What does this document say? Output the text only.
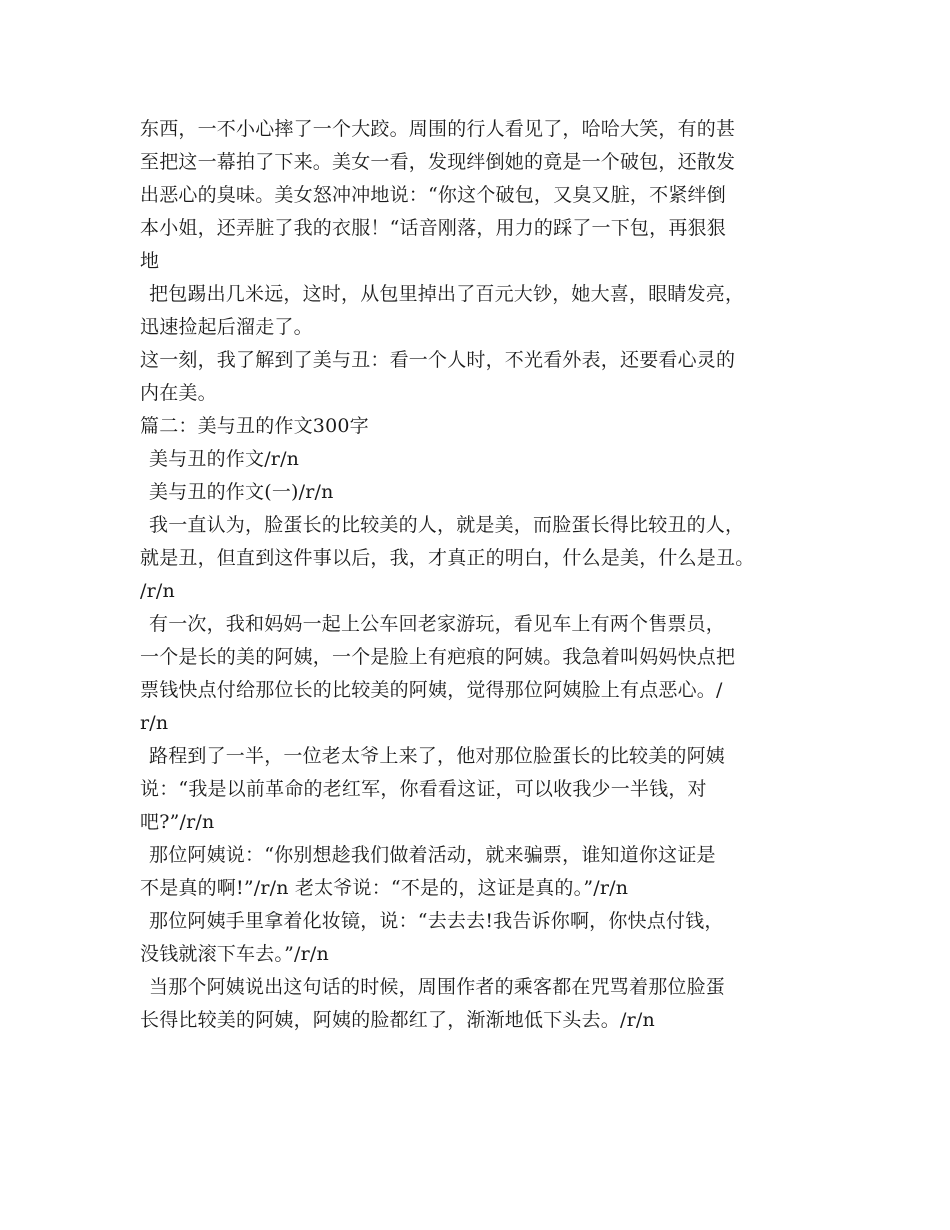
东西，一不小心摔了一个大跤。周围的行人看见了，哈哈大笑，有的甚
至把这一幕拍了下来。美女一看，发现绊倒她的竟是一个破包，还散发
出恶心的臭味。美女怒冲冲地说：“你这个破包，又臭又脏，不紧绊倒
本小姐，还弄脏了我的衣服！“话音刚落，用力的踩了一下包，再狠狠
地
把包踢出几米远，这时，从包里掉出了百元大钞，她大喜，眼睛发亮，
迅速捡起后溜走了。
这一刻，我了解到了美与丑：看一个人时，不光看外表，还要看心灵的
内在美。
篇二：美与丑的作文300字
美与丑的作文/r/n
美与丑的作文(一)/r/n
我一直认为，脸蛋长的比较美的人，就是美，而脸蛋长得比较丑的人，
就是丑，但直到这件事以后，我，才真正的明白，什么是美，什么是丑。
/r/n
有一次，我和妈妈一起上公车回老家游玩，看见车上有两个售票员，
一个是长的美的阿姨，一个是脸上有疤痕的阿姨。我急着叫妈妈快点把
票钱快点付给那位长的比较美的阿姨，觉得那位阿姨脸上有点恶心。/
r/n
路程到了一半，一位老太爷上来了，他对那位脸蛋长的比较美的阿姨
说：“我是以前革命的老红军，你看看这证，可以收我少一半钱，对
吧?”/r/n
那位阿姨说：“你别想趁我们做着活动，就来骗票，谁知道你这证是
不是真的啊!”/r/n 老太爷说：“不是的，这证是真的。”/r/n
那位阿姨手里拿着化妆镜，说：“去去去!我告诉你啊，你快点付钱，
没钱就滚下车去。”/r/n
当那个阿姨说出这句话的时候，周围作者的乘客都在咒骂着那位脸蛋
长得比较美的阿姨，阿姨的脸都红了，渐渐地低下头去。/r/n
